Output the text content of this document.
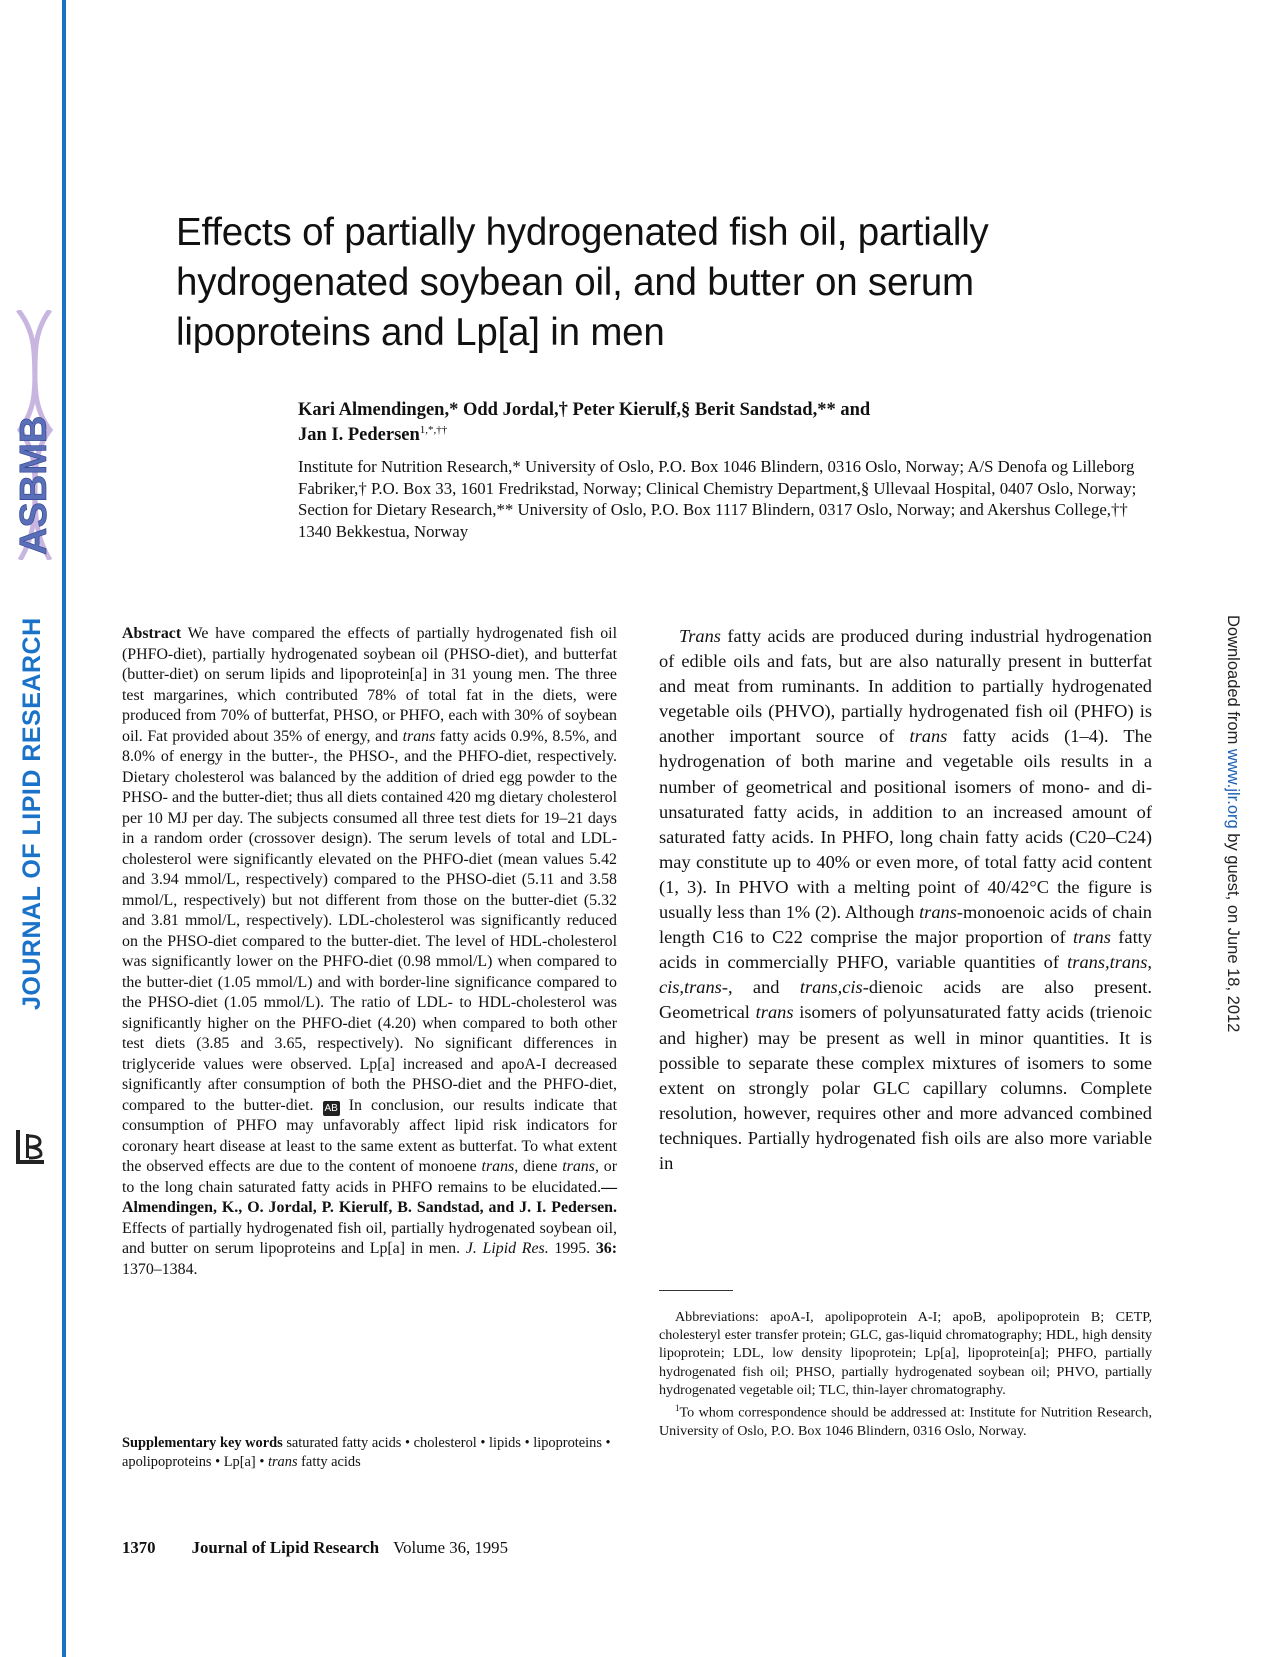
ASBMB
JOURNAL OF LIPID RESEARCH	Downloaded from www.jlr.org by guest, on June 18, 2012
Effects of partially hydrogenated fish oil, partially
hydrogenated soybean oil, and butter on serum
lipoproteins and Lp[a] in men
Kari Almendingen,* Odd Jordal,† Peter Kierulf,§ Berit Sandstad,** and
Jan I. Pedersen$^{1,*,\dagger\dagger}$
Institute for Nutrition Research,* University of Oslo, P.O. Box 1046 Blindern, 0316 Oslo, Norway; A/S Denofa og Lilleborg Fabriker,† P.O. Box 33, 1601 Fredrikstad, Norway; Clinical Chemistry Department,§ Ullevaal Hospital, 0407 Oslo, Norway; Section for Dietary Research,** University of Oslo, P.O. Box 1117 Blindern, 0317 Oslo, Norway; and Akershus College,†† 1340 Bekkestua, Norway
Abstract We have compared the effects of partially hydrogenated fish oil (PHFO-diet), partially hydrogenated soybean oil (PHSO-diet), and butterfat (butter-diet) on serum lipids and lipoprotein[a] in 31 young men. The three test margarines, which contributed 78% of total fat in the diets, were produced from 70% of butterfat, PHSO, or PHFO, each with 30% of soybean oil. Fat provided about 35% of energy, and trans fatty acids 0.9%, 8.5%, and 8.0% of energy in the butter-, the PHSO-, and the PHFO-diet, respectively. Dietary cholesterol was balanced by the addition of dried egg powder to the PHSO- and the butter-diet; thus all diets contained 420 mg dietary cholesterol per 10 MJ per day. The subjects consumed all three test diets for 19–21 days in a random order (crossover design). The serum levels of total and LDL-cholesterol were significantly elevated on the PHFO-diet (mean values 5.42 and 3.94 mmol/L, respectively) compared to the PHSO-diet (5.11 and 3.58 mmol/L, respectively) but not different from those on the butter-diet (5.32 and 3.81 mmol/L, respectively). LDL-cholesterol was significantly reduced on the PHSO-diet compared to the butter-diet. The level of HDL-cholesterol was significantly lower on the PHFO-diet (0.98 mmol/L) when compared to the butter-diet (1.05 mmol/L) and with border-line significance compared to the PHSO-diet (1.05 mmol/L). The ratio of LDL- to HDL-cholesterol was significantly higher on the PHFO-diet (4.20) when compared to both other test diets (3.85 and 3.65, respectively). No significant differences in triglyceride values were observed. Lp[a] increased and apoA-I decreased significantly after consumption of both the PHSO-diet and the PHFO-diet, compared to the butter-diet. AB In conclusion, our results indicate that consumption of PHFO may unfavorably affect lipid risk indicators for coronary heart disease at least to the same extent as butterfat. To what extent the observed effects are due to the content of monoene trans, diene trans, or to the long chain saturated fatty acids in PHFO remains to be elucidated.—Almendingen, K., O. Jordal, P. Kierulf, B. Sandstad, and J. I. Pedersen. Effects of partially hydrogenated fish oil, partially hydrogenated soybean oil, and butter on serum lipoproteins and Lp[a] in men. J. Lipid Res. 1995. 36: 1370–1384.
Supplementary key words saturated fatty acids • cholesterol • lipids • lipoproteins • apolipoproteins • Lp[a] • trans fatty acids
Trans fatty acids are produced during industrial hydrogenation of edible oils and fats, but are also naturally present in butterfat and meat from ruminants. In addition to partially hydrogenated vegetable oils (PHVO), partially hydrogenated fish oil (PHFO) is another important source of trans fatty acids (1–4). The hydrogenation of both marine and vegetable oils results in a number of geometrical and positional isomers of mono- and di-unsaturated fatty acids, in addition to an increased amount of saturated fatty acids. In PHFO, long chain fatty acids (C20–C24) may constitute up to 40% or even more, of total fatty acid content (1, 3). In PHVO with a melting point of 40/42°C the figure is usually less than 1% (2). Although trans-monoenoic acids of chain length C16 to C22 comprise the major proportion of trans fatty acids in commercially PHFO, variable quantities of trans,trans, cis,trans-, and trans,cis-dienoic acids are also present. Geometrical trans isomers of polyunsaturated fatty acids (trienoic and higher) may be present as well in minor quantities. It is possible to separate these complex mixtures of isomers to some extent on strongly polar GLC capillary columns. Complete resolution, however, requires other and more advanced combined techniques. Partially hydrogenated fish oils are also more variable in

Abbreviations: apoA-I, apolipoprotein A-I; apoB, apolipoprotein B; CETP, cholesteryl ester transfer protein; GLC, gas-liquid chromatography; HDL, high density lipoprotein; LDL, low density lipoprotein; Lp[a], lipoprotein[a]; PHFO, partially hydrogenated fish oil; PHSO, partially hydrogenated soybean oil; PHVO, partially hydrogenated vegetable oil; TLC, thin-layer chromatography.

$^1$To whom correspondence should be addressed at: Institute for Nutrition Research, University of Oslo, P.O. Box 1046 Blindern, 0316 Oslo, Norway.

1370 Journal of Lipid Research Volume 36, 1995
